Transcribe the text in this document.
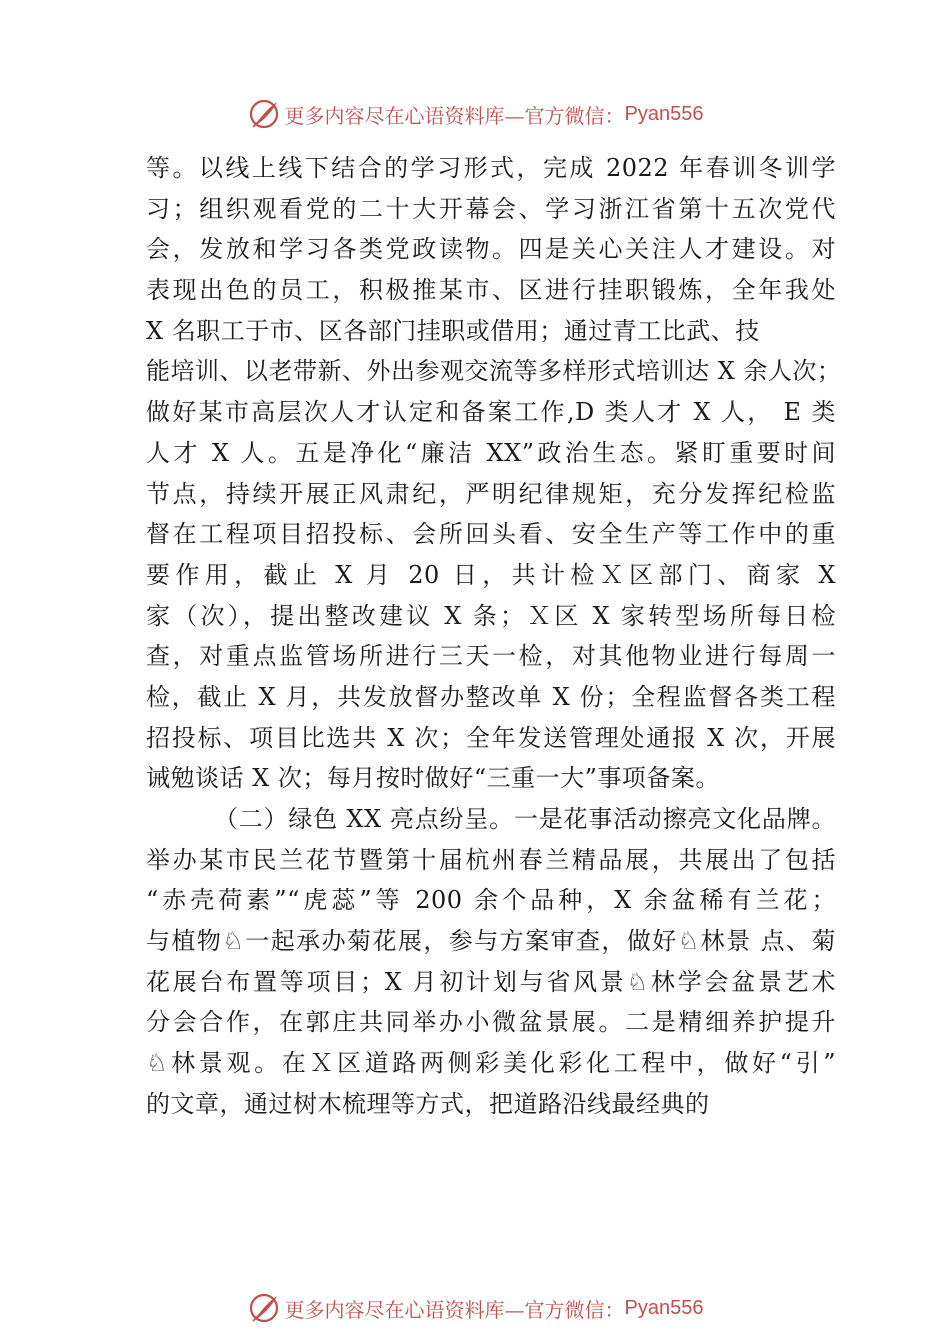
更多内容尽在心语资料库—官方微信： Pyan556
等。以线上线下结合的学习形式，完成 2022 年春训冬训学
习；组织观看党的二十大开幕会、学习浙江省第十五次党代
会，发放和学习各类党政读物。四是关心关注人才建设。对
表现出色的员工，积极推某市、区进行挂职锻炼，全年我处
X 名职工于市、区各部门挂职或借用；通过青工比武、技
能培训、以老带新、外出参观交流等多样形式培训达 X 余人次；
做好某市高层次人才认定和备案工作,D 类人才 X 人， E 类
人才 X 人。五是净化“廉洁 XX”政治生态。紧盯重要时间
节点，持续开展正风肃纪，严明纪律规矩，充分发挥纪检监
督在工程项目招投标、会所回头看、安全生产等工作中的重
要作用，截止 X 月 20 日，共计检Ｘ区部门、商家 X
家（次），提出整改建议 X 条；Ｘ区 X 家转型场所每日检
查，对重点监管场所进行三天一检，对其他物业进行每周一
检，截止 X 月，共发放督办整改单 X 份；全程监督各类工程
招投标、项目比选共 X 次；全年发送管理处通报 X 次，开展
诫勉谈话 X 次；每月按时做好“三重一大”事项备案。
（二）绿色 XX 亮点纷呈。一是花事活动擦亮文化品牌。
举办某市民兰花节暨第十届杭州春兰精品展，共展出了包括
“赤壳荷素”“虎蕊”等 200 余个品种，X 余盆稀有兰花；
与植物♘一起承办菊花展，参与方案审查，做好♘林景 点、菊
花展台布置等项目；X 月初计划与省风景♘林学会盆景艺术
分会合作，在郭庄共同举办小微盆景展。二是精细养护提升
♘林景观。在Ｘ区道路两侧彩美化彩化工程中，做好“引”
的文章，通过树木梳理等方式，把道路沿线最经典的
更多内容尽在心语资料库—官方微信： Pyan556
